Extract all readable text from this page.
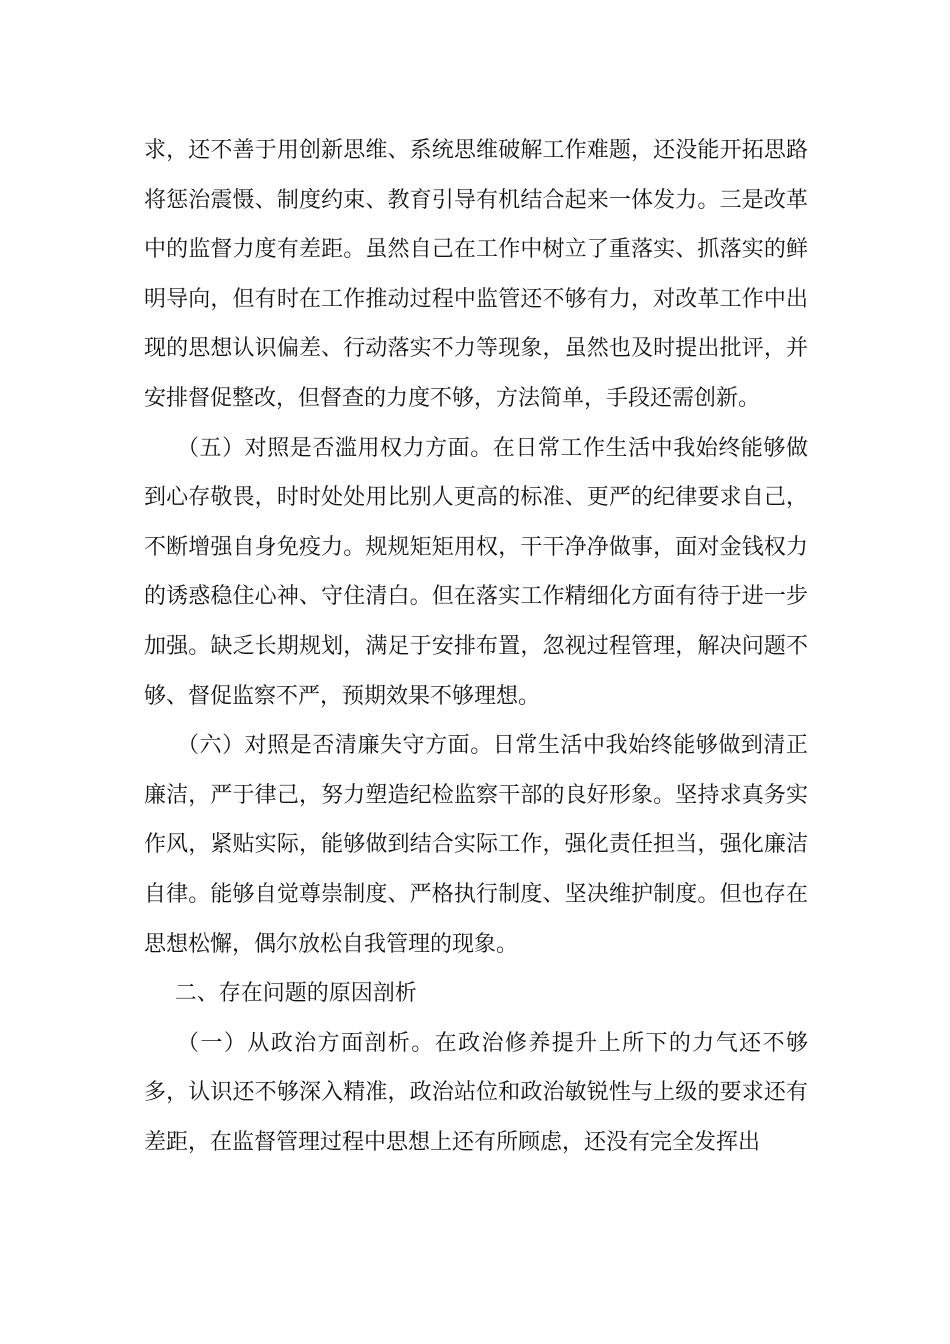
求，还不善于用创新思维、系统思维破解工作难题，还没能开拓思路将惩治震慑、制度约束、教育引导有机结合起来一体发力。三是改革中的监督力度有差距。虽然自己在工作中树立了重落实、抓落实的鲜明导向，但有时在工作推动过程中监管还不够有力，对改革工作中出现的思想认识偏差、行动落实不力等现象，虽然也及时提出批评，并安排督促整改，但督查的力度不够，方法简单，手段还需创新。

（五）对照是否滥用权力方面。在日常工作生活中我始终能够做到心存敬畏，时时处处用比别人更高的标准、更严的纪律要求自己，不断增强自身免疫力。规规矩矩用权，干干净净做事，面对金钱权力的诱惑稳住心神、守住清白。但在落实工作精细化方面有待于进一步加强。缺乏长期规划，满足于安排布置，忽视过程管理，解决问题不够、督促监察不严，预期效果不够理想。

（六）对照是否清廉失守方面。日常生活中我始终能够做到清正廉洁，严于律己，努力塑造纪检监察干部的良好形象。坚持求真务实作风，紧贴实际，能够做到结合实际工作，强化责任担当，强化廉洁自律。能够自觉尊崇制度、严格执行制度、坚决维护制度。但也存在思想松懈，偶尔放松自我管理的现象。

二、存在问题的原因剖析

（一）从政治方面剖析。在政治修养提升上所下的力气还不够多，认识还不够深入精准，政治站位和政治敏锐性与上级的要求还有差距，在监督管理过程中思想上还有所顾虑，还没有完全发挥出
